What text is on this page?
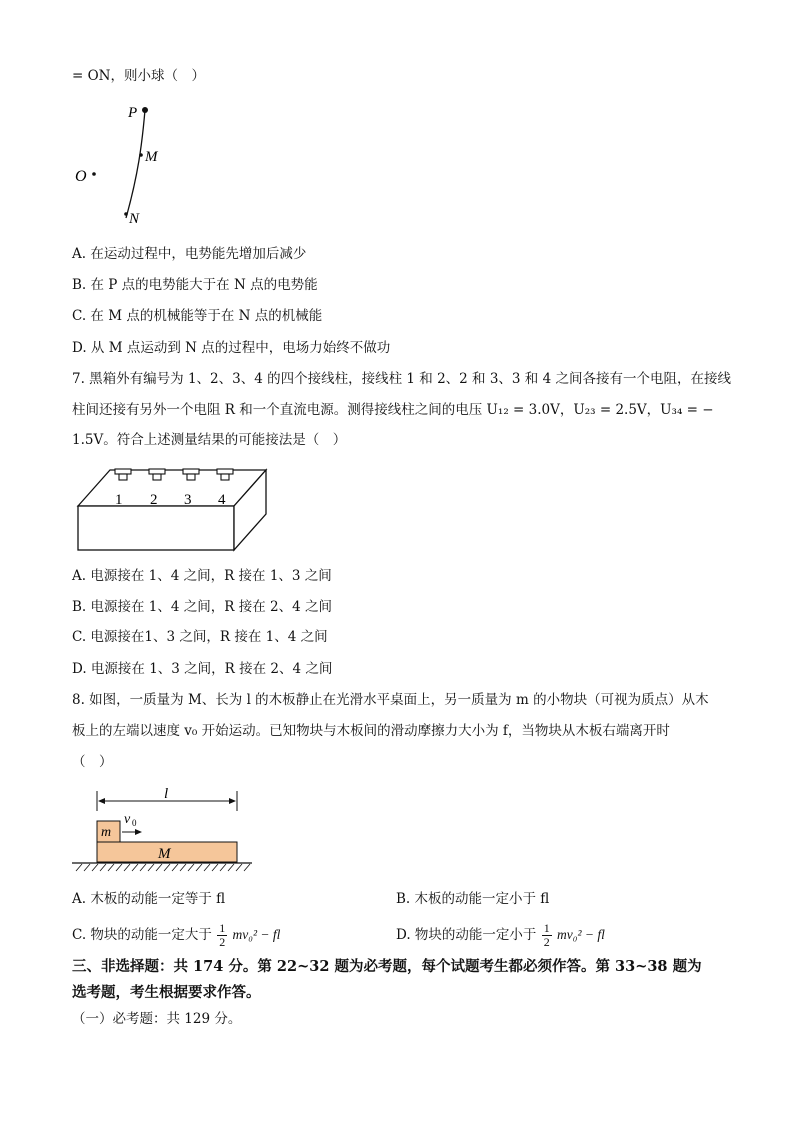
= ON，则小球（　）
P
M
O
N
A. 在运动过程中，电势能先增加后减少
B. 在 P 点的电势能大于在 N 点的电势能
C. 在 M 点的机械能等于在 N 点的机械能
D. 从 M 点运动到 N 点的过程中，电场力始终不做功
7. 黑箱外有编号为 1、2、3、4 的四个接线柱，接线柱 1 和 2、2 和 3、3 和 4 之间各接有一个电阻，在接线
柱间还接有另外一个电阻 R 和一个直流电源。测得接线柱之间的电压 U₁₂ = 3.0V，U₂₃ = 2.5V，U₃₄ = −
1.5V。符合上述测量结果的可能接法是（　）
1 2 3 4
A. 电源接在 1、4 之间，R 接在 1、3 之间
B. 电源接在 1、4 之间，R 接在 2、4 之间
C. 电源接在1、3 之间，R 接在 1、4 之间
D. 电源接在 1、3 之间，R 接在 2、4 之间
8. 如图，一质量为 M、长为 l 的木板静止在光滑水平桌面上，另一质量为 m 的小物块（可视为质点）从木
板上的左端以速度 v₀ 开始运动。已知物块与木板间的滑动摩擦力大小为 f，当物块从木板右端离开时
（　）
l
m
v 0
M
A. 木板的动能一定等于 fl	B. 木板的动能一定小于 fl
C. 物块的动能一定大于 $\frac{1}{2} mv_0^2$ − fl	D. 物块的动能一定小于 $\frac{1}{2} mv_0^2$ − fl
三、非选择题：共 174 分。第 22~32 题为必考题，每个试题考生都必须作答。第 33~38 题为
选考题，考生根据要求作答。
（一）必考题：共 129 分。
